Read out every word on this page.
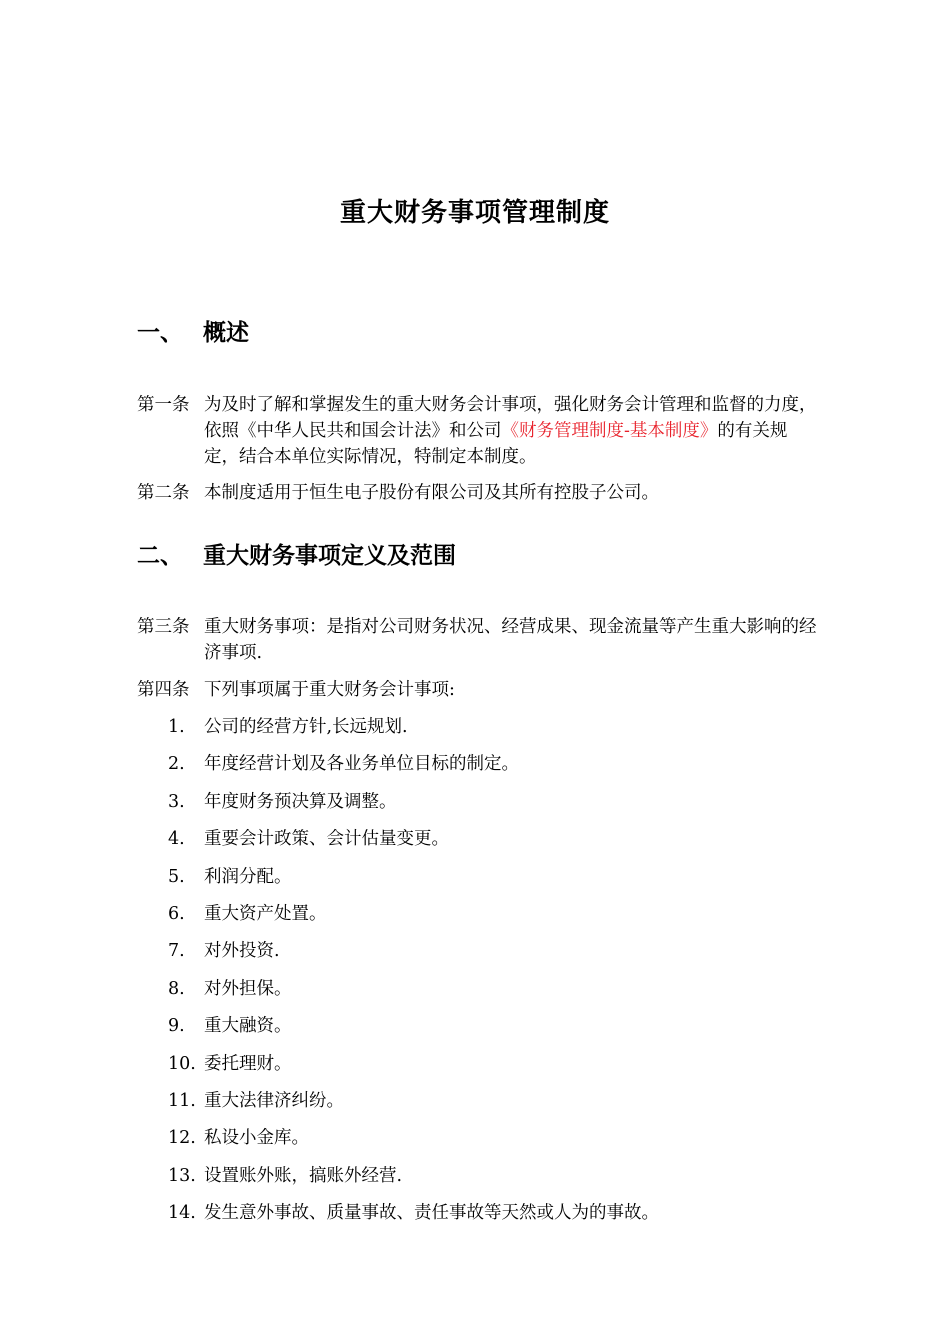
重大财务事项管理制度
一、 概述
第一条 为及时了解和掌握发生的重大财务会计事项，强化财务会计管理和监督的力度，依照《中华人民共和国会计法》和公司《财务管理制度-基本制度》的有关规定，结合本单位实际情况，特制定本制度。
第二条 本制度适用于恒生电子股份有限公司及其所有控股子公司。
二、 重大财务事项定义及范围
第三条 重大财务事项：是指对公司财务状况、经营成果、现金流量等产生重大影响的经济事项.
第四条 下列事项属于重大财务会计事项:
1. 公司的经营方针,长远规划.
2. 年度经营计划及各业务单位目标的制定。
3. 年度财务预决算及调整。
4. 重要会计政策、会计估量变更。
5. 利润分配。
6. 重大资产处置。
7. 对外投资.
8. 对外担保。
9. 重大融资。
10. 委托理财。
11. 重大法律济纠纷。
12. 私设小金库。
13. 设置账外账，搞账外经营.
14. 发生意外事故、质量事故、责任事故等天然或人为的事故。
